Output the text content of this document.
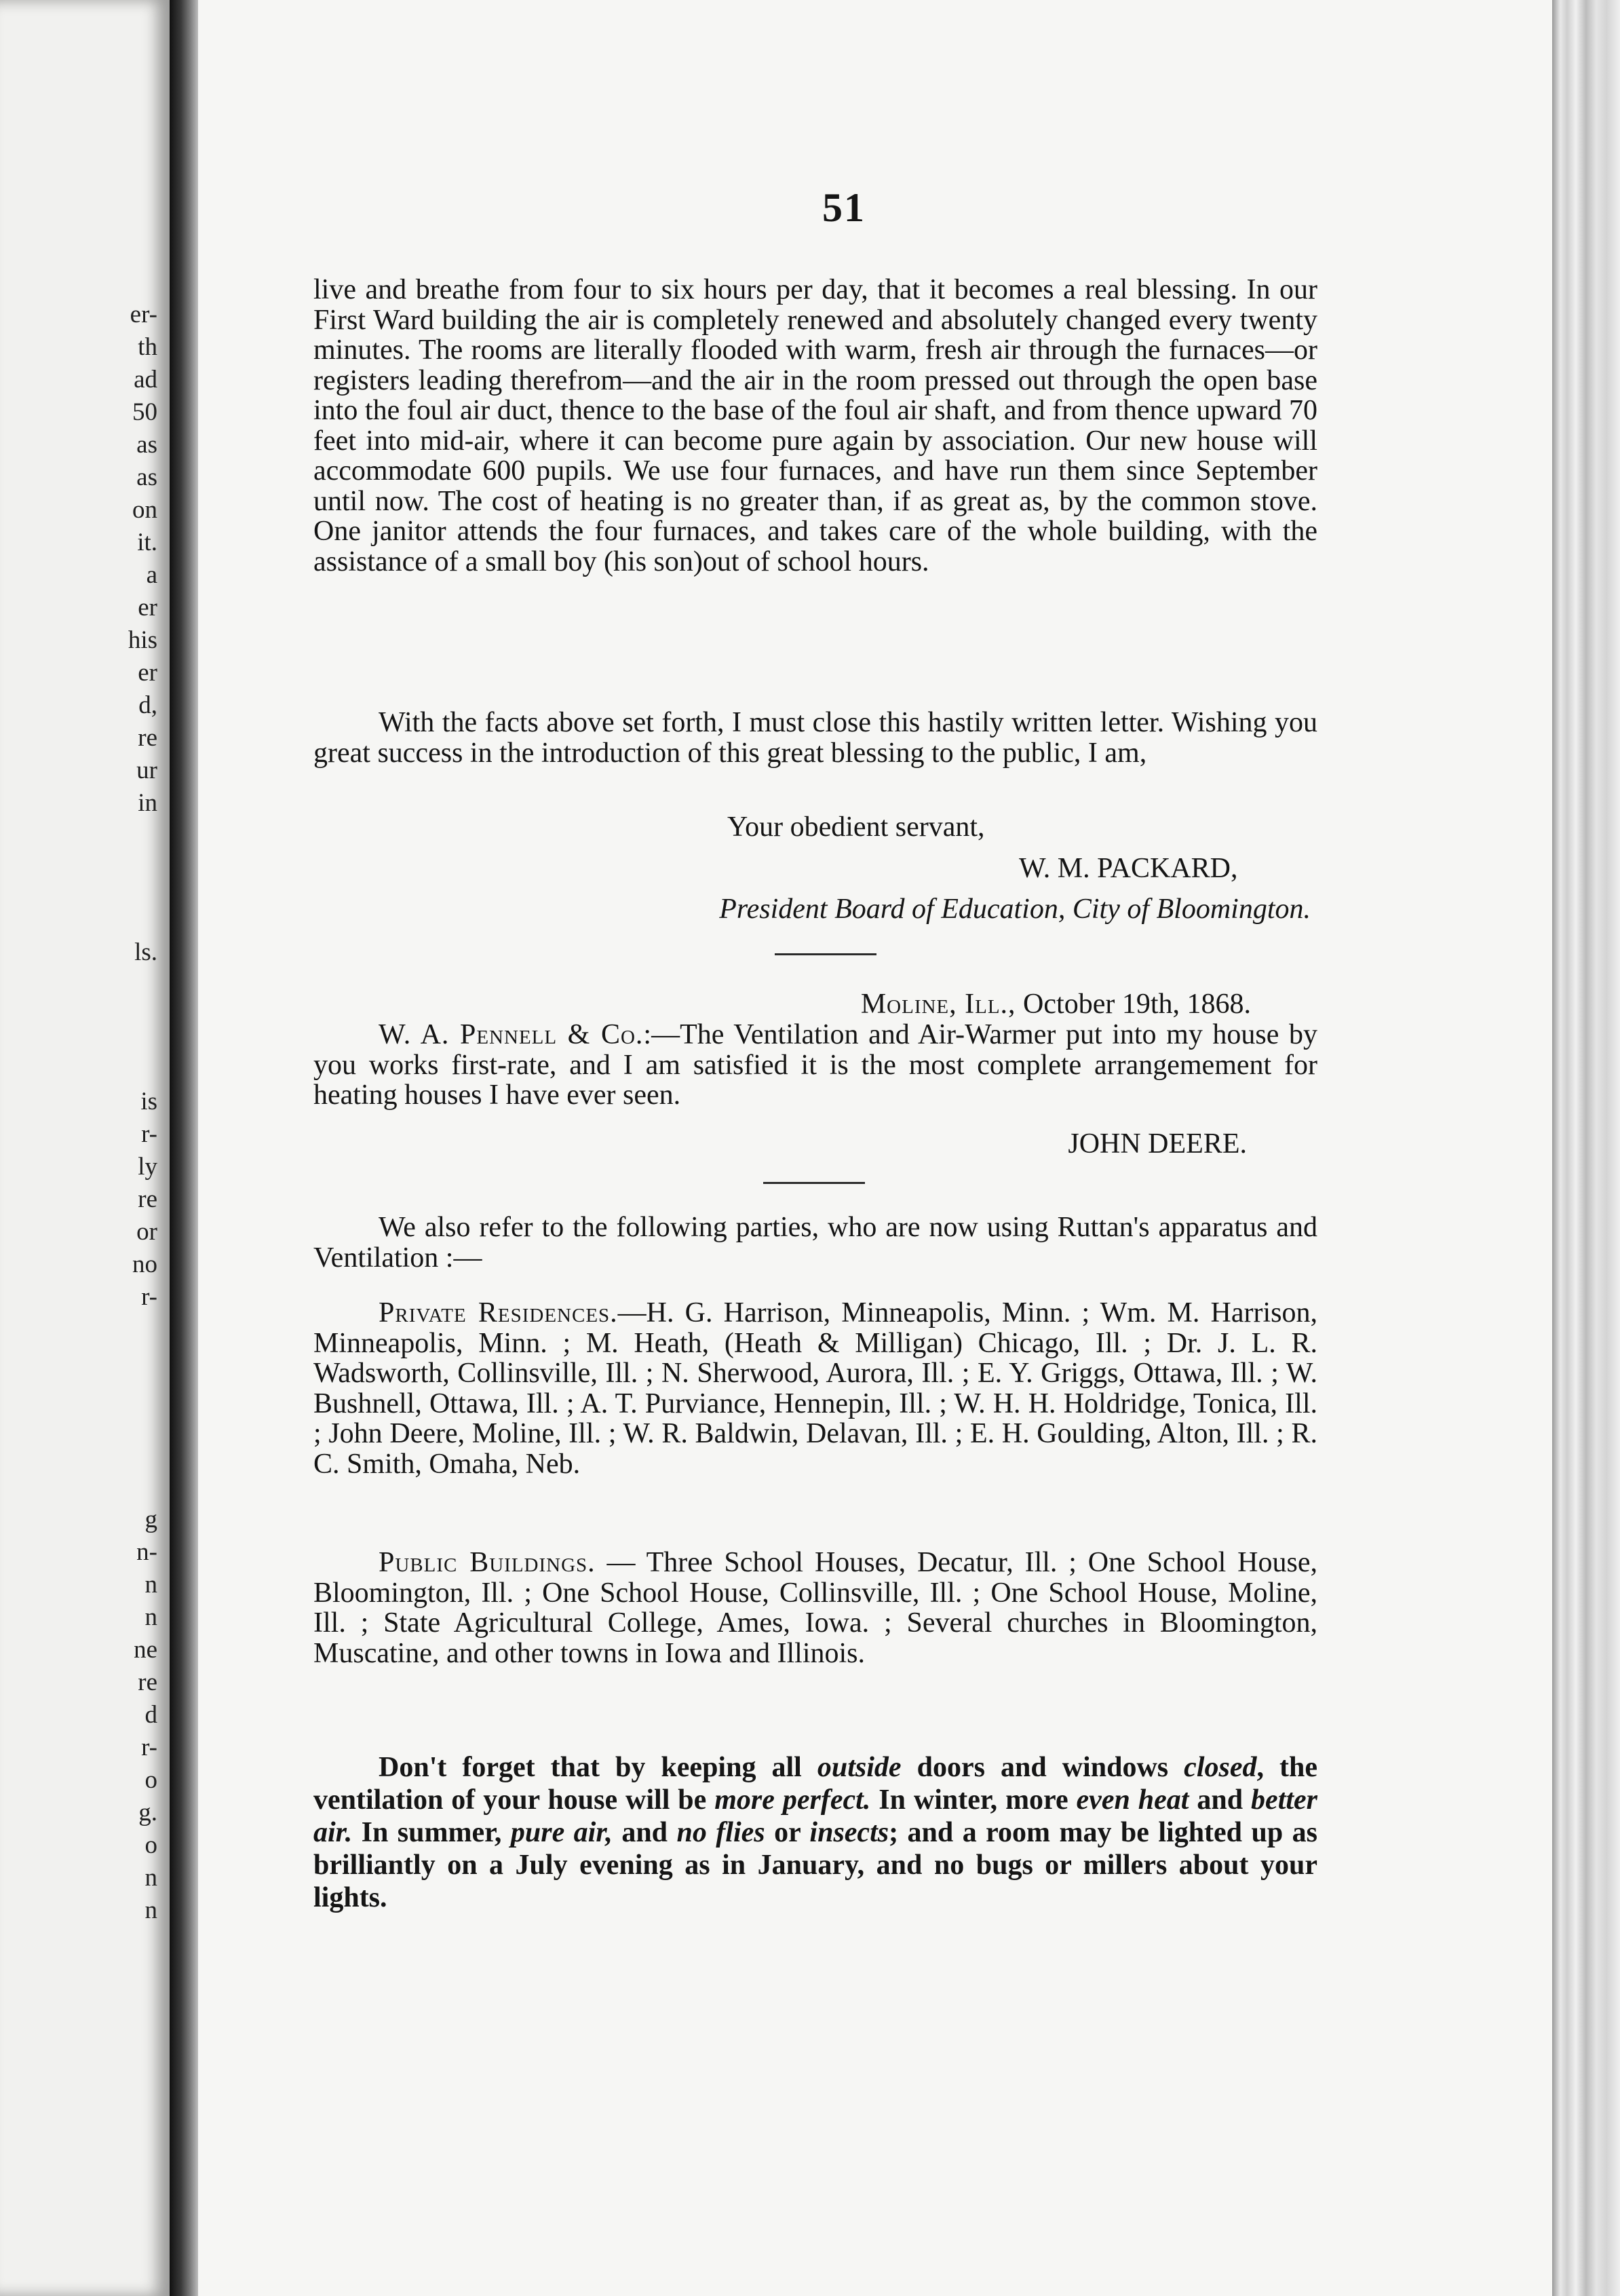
er-
th
ad
50
as
as
on
it.
a
er
his
er
d,
re
ur
in
ls.
is
r-
ly
re
or
no
r-
g
n-
n
n
ne
re
d
r-
o
g.
o
n
n
51

live and breathe from four to six hours per day, that it becomes a real blessing. In our First Ward building the air is completely renewed and absolutely changed every twenty minutes. The rooms are literally flooded with warm, fresh air through the furnaces—or registers leading therefrom—and the air in the room pressed out through the open base into the foul air duct, thence to the base of the foul air shaft, and from thence upward 70 feet into mid-air, where it can become pure again by association. Our new house will accommodate 600 pupils. We use four furnaces, and have run them since September until now. The cost of heating is no greater than, if as great as, by the common stove. One janitor attends the four furnaces, and takes care of the whole building, with the assistance of a small boy (his son)out of school hours.

With the facts above set forth, I must close this hastily written letter. Wishing you great success in the introduction of this great blessing to the public, I am,

Your obedient servant,
W. M. PACKARD,
President Board of Education, City of Bloomington.
Moline, Ill., October 19th, 1868.

W. A. Pennell & Co.:—The Ventilation and Air-Warmer put into my house by you works first-rate, and I am satisfied it is the most complete arrangemement for heating houses I have ever seen.

JOHN DEERE.

We also refer to the following parties, who are now using Ruttan's apparatus and Ventilation :—

Private Residences.—H. G. Harrison, Minneapolis, Minn. ; Wm. M. Harrison, Minneapolis, Minn. ; M. Heath, (Heath & Milligan) Chicago, Ill. ; Dr. J. L. R. Wadsworth, Collinsville, Ill. ; N. Sherwood, Aurora, Ill. ; E. Y. Griggs, Ottawa, Ill. ; W. Bushnell, Ottawa, Ill. ; A. T. Purviance, Hennepin, Ill. ; W. H. H. Holdridge, Tonica, Ill. ; John Deere, Moline, Ill. ; W. R. Baldwin, Delavan, Ill. ; E. H. Goulding, Alton, Ill. ; R. C. Smith, Omaha, Neb.

Public Buildings. — Three School Houses, Decatur, Ill. ; One School House, Bloomington, Ill. ; One School House, Collinsville, Ill. ; One School House, Moline, Ill. ; State Agricultural College, Ames, Iowa. ; Several churches in Bloomington, Muscatine, and other towns in Iowa and Illinois.

Don't forget that by keeping all outside doors and windows closed, the ventilation of your house will be more perfect. In winter, more even heat and better air. In summer, pure air, and no flies or insects; and a room may be lighted up as brilliantly on a July evening as in January, and no bugs or millers about your lights.
